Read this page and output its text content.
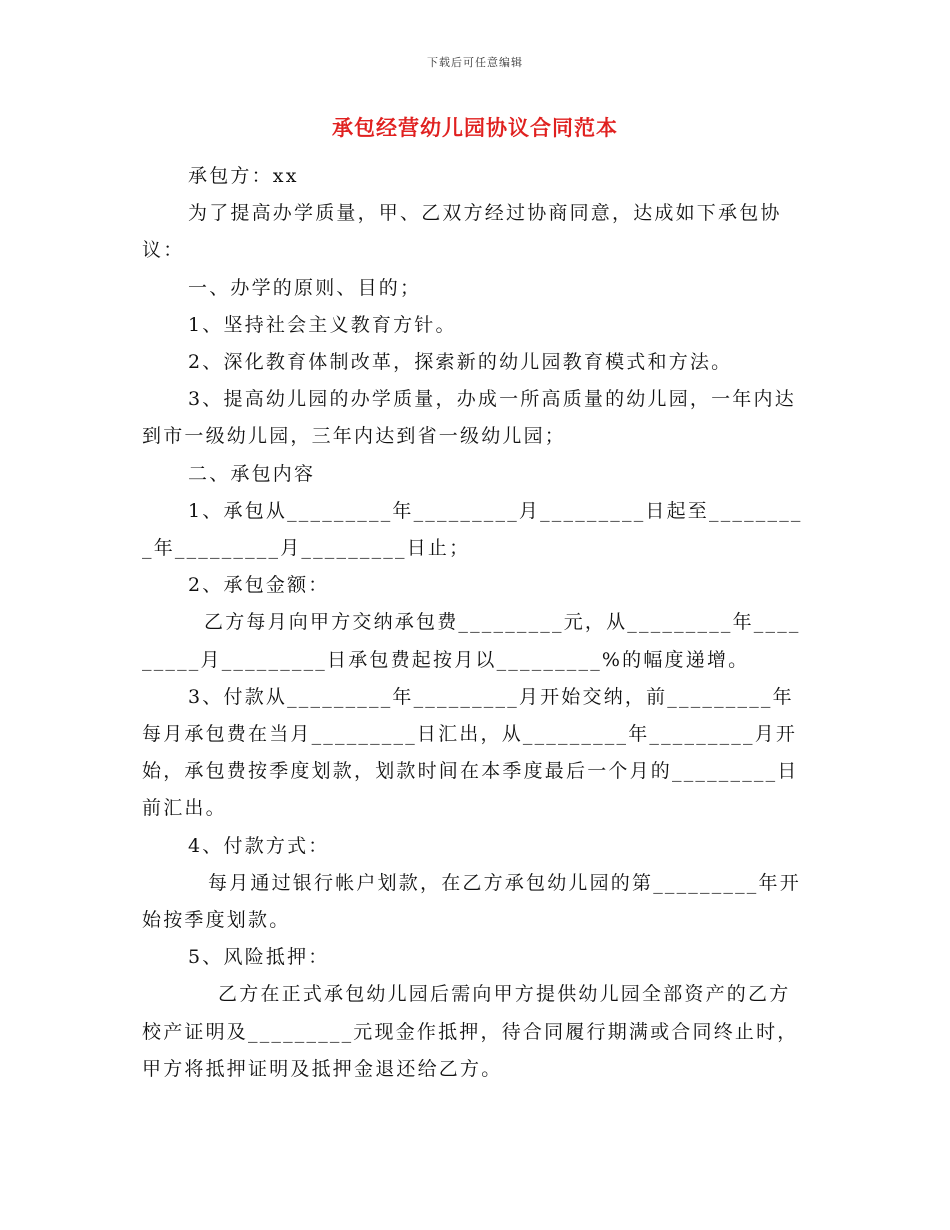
下载后可任意编辑
承包经营幼儿园协议合同范本

承包方：xx

为了提高办学质量，甲、乙双方经过协商同意，达成如下承包协议：

一、办学的原则、目的；

1、坚持社会主义教育方针。

2、深化教育体制改革，探索新的幼儿园教育模式和方法。

3、提高幼儿园的办学质量，办成一所高质量的幼儿园，一年内达到市一级幼儿园，三年内达到省一级幼儿园；

二、承包内容

1、承包从_________年_________月_________日起至_________年_________月_________日止；

2、承包金额：

乙方每月向甲方交纳承包费_________元，从_________年_________月_________日承包费起按月以_________%的幅度递增。

3、付款从_________年_________月开始交纳，前_________年每月承包费在当月_________日汇出，从_________年_________月开始，承包费按季度划款，划款时间在本季度最后一个月的_________日前汇出。

4、付款方式：

每月通过银行帐户划款，在乙方承包幼儿园的第_________年开始按季度划款。

5、风险抵押：

乙方在正式承包幼儿园后需向甲方提供幼儿园全部资产的乙方校产证明及_________元现金作抵押，待合同履行期满或合同终止时，甲方将抵押证明及抵押金退还给乙方。
